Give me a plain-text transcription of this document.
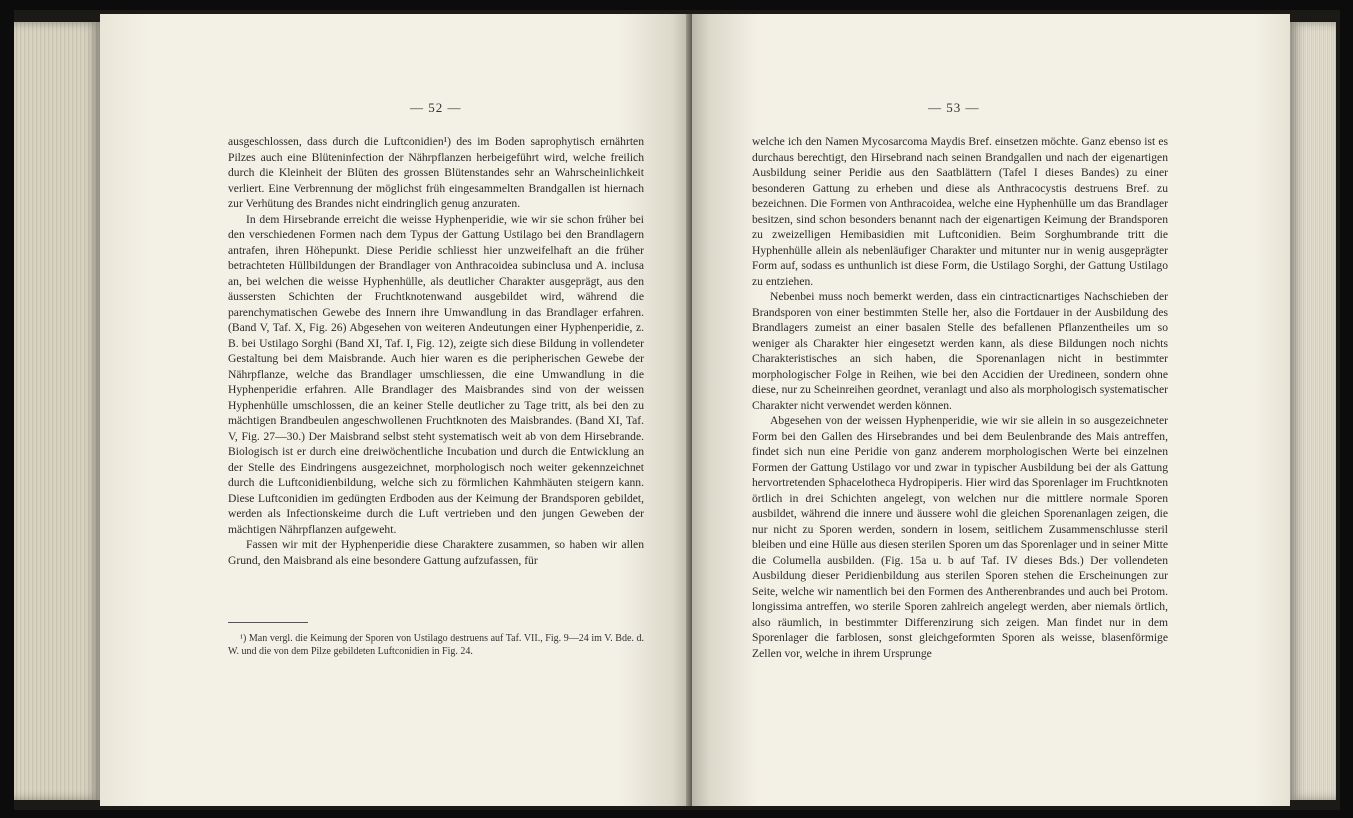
— 52 —

ausgeschlossen, dass durch die Luftconidien¹) des im Boden saprophytisch ernährten Pilzes auch eine Blüteninfection der Nährpflanzen herbeigeführt wird, welche freilich durch die Kleinheit der Blüten des grossen Blütenstandes sehr an Wahrscheinlichkeit verliert. Eine Verbrennung der möglichst früh eingesammelten Brandgallen ist hiernach zur Verhütung des Brandes nicht eindringlich genug anzuraten.

In dem Hirsebrande erreicht die weisse Hyphenperidie, wie wir sie schon früher bei den verschiedenen Formen nach dem Typus der Gattung Ustilago bei den Brandlagern antrafen, ihren Höhepunkt. Diese Peridie schliesst hier unzweifelhaft an die früher betrachteten Hüllbildungen der Brandlager von Anthracoidea subinclusa und A. inclusa an, bei welchen die weisse Hyphenhülle, als deutlicher Charakter ausgeprägt, aus den äussersten Schichten der Fruchtknotenwand ausgebildet wird, während die parenchymatischen Gewebe des Innern ihre Umwandlung in das Brandlager erfahren. (Band V, Taf. X, Fig. 26) Abgesehen von weiteren Andeutungen einer Hyphenperidie, z. B. bei Ustilago Sorghi (Band XI, Taf. I, Fig. 12), zeigte sich diese Bildung in vollendeter Gestaltung bei dem Maisbrande. Auch hier waren es die peripherischen Gewebe der Nährpflanze, welche das Brandlager umschliessen, die eine Umwandlung in die Hyphenperidie erfahren. Alle Brandlager des Maisbrandes sind von der weissen Hyphenhülle umschlossen, die an keiner Stelle deutlicher zu Tage tritt, als bei den zu mächtigen Brandbeulen angeschwollenen Fruchtknoten des Maisbrandes. (Band XI, Taf. V, Fig. 27—30.) Der Maisbrand selbst steht systematisch weit ab von dem Hirsebrande. Biologisch ist er durch eine dreiwöchentliche Incubation und durch die Entwicklung an der Stelle des Eindringens ausgezeichnet, morphologisch noch weiter gekennzeichnet durch die Luftconidienbildung, welche sich zu förmlichen Kahmhäuten steigern kann. Diese Luftconidien im gedüngten Erdboden aus der Keimung der Brandsporen gebildet, werden als Infectionskeime durch die Luft vertrieben und den jungen Geweben der mächtigen Nährpflanzen aufgeweht.

Fassen wir mit der Hyphenperidie diese Charaktere zusammen, so haben wir allen Grund, den Maisbrand als eine besondere Gattung aufzufassen, für

¹) Man vergl. die Keimung der Sporen von Ustilago destruens auf Taf. VII., Fig. 9—24 im V. Bde. d. W. und die von dem Pilze gebildeten Luftconidien in Fig. 24.

— 53 —

welche ich den Namen Mycosarcoma Maydis Bref. einsetzen möchte. Ganz ebenso ist es durchaus berechtigt, den Hirsebrand nach seinen Brandgallen und nach der eigenartigen Ausbildung seiner Peridie aus den Saatblättern (Tafel I dieses Bandes) zu einer besonderen Gattung zu erheben und diese als Anthracocystis destruens Bref. zu bezeichnen. Die Formen von Anthracoidea, welche eine Hyphenhülle um das Brandlager besitzen, sind schon besonders benannt nach der eigenartigen Keimung der Brandsporen zu zweizelligen Hemibasidien mit Luftconidien. Beim Sorghumbrande tritt die Hyphenhülle allein als nebenläufiger Charakter und mitunter nur in wenig ausgeprägter Form auf, sodass es unthunlich ist diese Form, die Ustilago Sorghi, der Gattung Ustilago zu entziehen.

Nebenbei muss noch bemerkt werden, dass ein cintracticnartiges Nachschieben der Brandsporen von einer bestimmten Stelle her, also die Fortdauer in der Ausbildung des Brandlagers zumeist an einer basalen Stelle des befallenen Pflanzentheiles um so weniger als Charakter hier eingesetzt werden kann, als diese Bildungen noch nichts Charakteristisches an sich haben, die Sporenanlagen nicht in bestimmter morphologischer Folge in Reihen, wie bei den Accidien der Uredineen, sondern ohne diese, nur zu Scheinreihen geordnet, veranlagt und also als morphologisch systematischer Charakter nicht verwendet werden können.

Abgesehen von der weissen Hyphenperidie, wie wir sie allein in so ausgezeichneter Form bei den Gallen des Hirsebrandes und bei dem Beulenbrande des Mais antreffen, findet sich nun eine Peridie von ganz anderem morphologischen Werte bei einzelnen Formen der Gattung Ustilago vor und zwar in typischer Ausbildung bei der als Gattung hervortretenden Sphacelotheca Hydropiperis. Hier wird das Sporenlager im Fruchtknoten örtlich in drei Schichten angelegt, von welchen nur die mittlere normale Sporen ausbildet, während die innere und äussere wohl die gleichen Sporenanlagen zeigen, die nur nicht zu Sporen werden, sondern in losem, seitlichem Zusammenschlusse steril bleiben und eine Hülle aus diesen sterilen Sporen um das Sporenlager und in seiner Mitte die Columella ausbilden. (Fig. 15a u. b auf Taf. IV dieses Bds.) Der vollendeten Ausbildung dieser Peridienbildung aus sterilen Sporen stehen die Erscheinungen zur Seite, welche wir namentlich bei den Formen des Antherenbrandes und auch bei Protom. longissima antreffen, wo sterile Sporen zahlreich angelegt werden, aber niemals örtlich, also räumlich, in bestimmter Differenzirung sich zeigen. Man findet nur in dem Sporenlager die farblosen, sonst gleichgeformten Sporen als weisse, blasenförmige Zellen vor, welche in ihrem Ursprunge
